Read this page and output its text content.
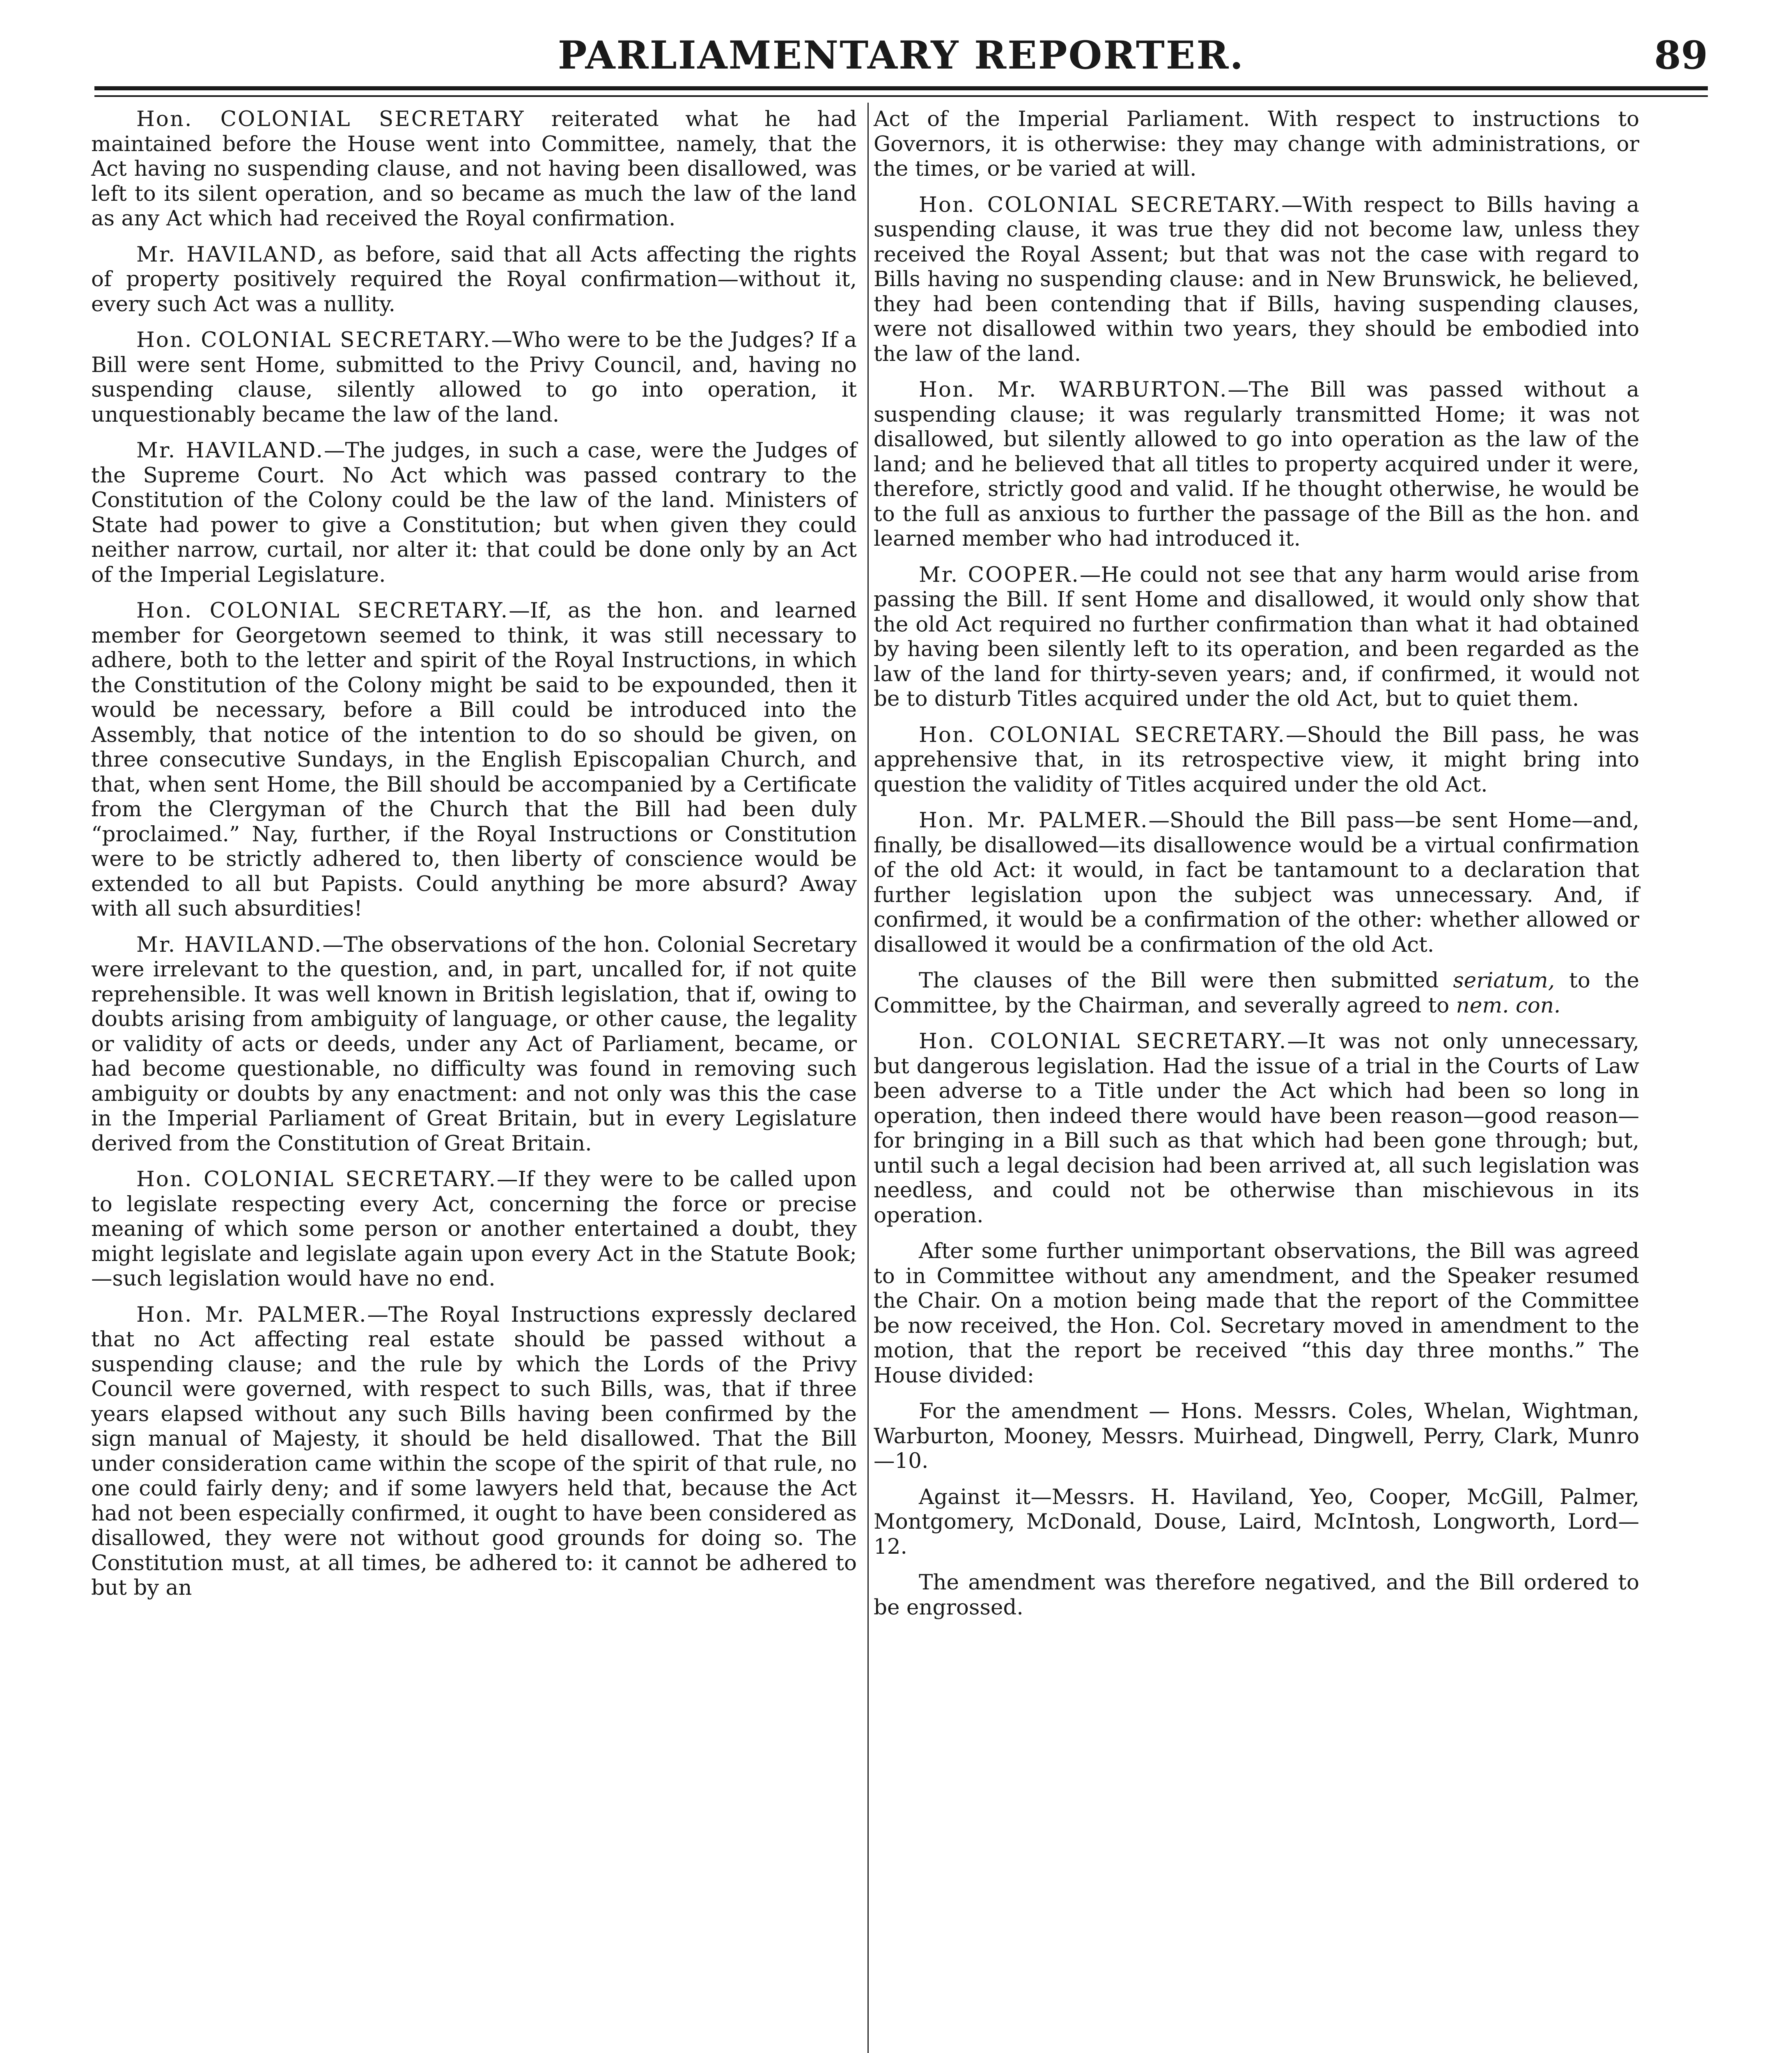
PARLIAMENTARY REPORTER.	89

Hon. COLONIAL SECRETARY reiterated what he had maintained before the House went into Committee, namely, that the Act having no suspending clause, and not having been disallowed, was left to its silent operation, and so became as much the law of the land as any Act which had received the Royal confirmation.

Mr. HAVILAND, as before, said that all Acts affecting the rights of property positively required the Royal confirmation—without it, every such Act was a nullity.

Hon. COLONIAL SECRETARY.—Who were to be the Judges? If a Bill were sent Home, submitted to the Privy Council, and, having no suspending clause, silently allowed to go into operation, it unquestionably became the law of the land.

Mr. HAVILAND.—The judges, in such a case, were the Judges of the Supreme Court. No Act which was passed contrary to the Constitution of the Colony could be the law of the land. Ministers of State had power to give a Constitution; but when given they could neither narrow, curtail, nor alter it: that could be done only by an Act of the Imperial Legislature.

Hon. COLONIAL SECRETARY.—If, as the hon. and learned member for Georgetown seemed to think, it was still necessary to adhere, both to the letter and spirit of the Royal Instructions, in which the Constitution of the Colony might be said to be expounded, then it would be necessary, before a Bill could be introduced into the Assembly, that notice of the intention to do so should be given, on three consecutive Sundays, in the English Episcopalian Church, and that, when sent Home, the Bill should be accompanied by a Certificate from the Clergyman of the Church that the Bill had been duly “proclaimed.” Nay, further, if the Royal Instructions or Constitution were to be strictly adhered to, then liberty of conscience would be extended to all but Papists. Could anything be more absurd? Away with all such absurdities!

Mr. HAVILAND.—The observations of the hon. Colonial Secretary were irrelevant to the question, and, in part, uncalled for, if not quite reprehensible. It was well known in British legislation, that if, owing to doubts arising from ambiguity of language, or other cause, the legality or validity of acts or deeds, under any Act of Parliament, became, or had become questionable, no difficulty was found in removing such ambiguity or doubts by any enactment: and not only was this the case in the Imperial Parliament of Great Britain, but in every Legislature derived from the Constitution of Great Britain.

Hon. COLONIAL SECRETARY.—If they were to be called upon to legislate respecting every Act, concerning the force or precise meaning of which some person or another entertained a doubt, they might legislate and legislate again upon every Act in the Statute Book;—such legislation would have no end.

Hon. Mr. PALMER.—The Royal Instructions expressly declared that no Act affecting real estate should be passed without a suspending clause; and the rule by which the Lords of the Privy Council were governed, with respect to such Bills, was, that if three years elapsed without any such Bills having been confirmed by the sign manual of Majesty, it should be held disallowed. That the Bill under consideration came within the scope of the spirit of that rule, no one could fairly deny; and if some lawyers held that, because the Act had not been especially confirmed, it ought to have been considered as disallowed, they were not without good grounds for doing so. The Constitution must, at all times, be adhered to: it cannot be adhered to but by an

Act of the Imperial Parliament. With respect to instructions to Governors, it is otherwise: they may change with administrations, or the times, or be varied at will.

Hon. COLONIAL SECRETARY.—With respect to Bills having a suspending clause, it was true they did not become law, unless they received the Royal Assent; but that was not the case with regard to Bills having no suspending clause: and in New Brunswick, he believed, they had been contending that if Bills, having suspending clauses, were not disallowed within two years, they should be embodied into the law of the land.

Hon. Mr. WARBURTON.—The Bill was passed without a suspending clause; it was regularly transmitted Home; it was not disallowed, but silently allowed to go into operation as the law of the land; and he believed that all titles to property acquired under it were, therefore, strictly good and valid. If he thought otherwise, he would be to the full as anxious to further the passage of the Bill as the hon. and learned member who had introduced it.

Mr. COOPER.—He could not see that any harm would arise from passing the Bill. If sent Home and disallowed, it would only show that the old Act required no further confirmation than what it had obtained by having been silently left to its operation, and been regarded as the law of the land for thirty-seven years; and, if confirmed, it would not be to disturb Titles acquired under the old Act, but to quiet them.

Hon. COLONIAL SECRETARY.—Should the Bill pass, he was apprehensive that, in its retrospective view, it might bring into question the validity of Titles acquired under the old Act.

Hon. Mr. PALMER.—Should the Bill pass—be sent Home—and, finally, be disallowed—its disallowence would be a virtual confirmation of the old Act: it would, in fact be tantamount to a declaration that further legislation upon the subject was unnecessary. And, if confirmed, it would be a confirmation of the other: whether allowed or disallowed it would be a confirmation of the old Act.

The clauses of the Bill were then submitted seriatum, to the Committee, by the Chairman, and severally agreed to nem. con.

Hon. COLONIAL SECRETARY.—It was not only unnecessary, but dangerous legislation. Had the issue of a trial in the Courts of Law been adverse to a Title under the Act which had been so long in operation, then indeed there would have been reason—good reason—for bringing in a Bill such as that which had been gone through; but, until such a legal decision had been arrived at, all such legislation was needless, and could not be otherwise than mischievous in its operation.

After some further unimportant observations, the Bill was agreed to in Committee without any amendment, and the Speaker resumed the Chair. On a motion being made that the report of the Committee be now received, the Hon. Col. Secretary moved in amendment to the motion, that the report be received “this day three months.” The House divided:

For the amendment — Hons. Messrs. Coles, Whelan, Wightman, Warburton, Mooney, Messrs. Muirhead, Dingwell, Perry, Clark, Munro—10.

Against it—Messrs. H. Haviland, Yeo, Cooper, McGill, Palmer, Montgomery, McDonald, Douse, Laird, McIntosh, Longworth, Lord—12.

The amendment was therefore negatived, and the Bill ordered to be engrossed.
